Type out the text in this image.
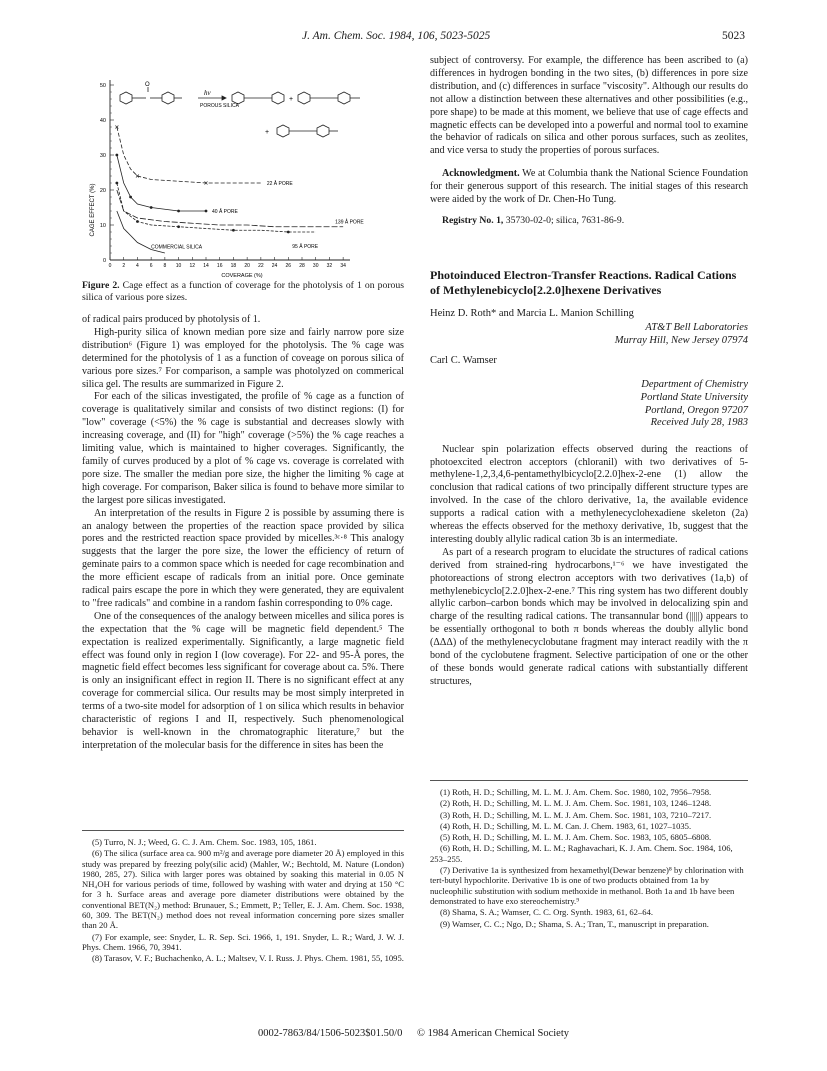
J. Am. Chem. Soc. 1984, 106, 5023-5025	5023
O
hν
POROUS SILICA
+
+
0 2 4 6 8 10 12 14 16 18 20 22 24 26 28 30 32 34
0
10
20
30
40
50
22 Å PORE
40 Å PORE
139 Å PORE
COMMERCIAL SILICA	95 Å PORE
CAGE EFFECT (%)
COVERAGE (%)

Figure 2. Cage effect as a function of coverage for the photolysis of 1 on porous silica of various pore sizes.

of radical pairs produced by photolysis of 1.

High-purity silica of known median pore size and fairly narrow pore size distribution⁶ (Figure 1) was employed for the photolysis. The % cage was determined for the photolysis of 1 as a function of coveage on porous silica of various pore sizes.⁷ For comparison, a sample was photolyzed on commerical silica gel. The results are summarized in Figure 2.

For each of the silicas investigated, the profile of % cage as a function of coverage is qualitatively similar and consists of two distinct regions: (I) for "low" coverage (<5%) the % cage is substantial and decreases slowly with increasing coverage, and (II) for "high" coverage (>5%) the % cage reaches a limiting value, which is maintained to higher coverages. Significantly, the family of curves produced by a plot of % cage vs. coverage is correlated with pore size. The smaller the median pore size, the higher the limiting % cage at high coverage. For comparison, Baker silica is found to behave more similar to the largest pore silicas investigated.

An interpretation of the results in Figure 2 is possible by assuming there is an analogy between the properties of the reaction space provided by silica pores and the restricted reaction space provided by micelles.³ᶜ·⁸ This analogy suggests that the larger the pore size, the lower the efficiency of return of geminate pairs to a common space which is needed for cage recombination and the more efficient escape of radicals from an initial pore. Once geminate radical pairs escape the pore in which they were generated, they are equivalent to "free radicals" and combine in a random fashin corresponding to 0% cage.

One of the consequences of the analogy between micelles and silica pores is the expectation that the % cage will be magnetic field dependent.⁵ The expectation is realized experimentally. Significantly, a large magnetic field effect was found only in region I (low coverage). For 22- and 95-Å pores, the magnetic field effect becomes less significant for coverage about ca. 5%. There is only an insignificant effect in region II. There is no significant effect at any coverage for commercial silica. Our results may be most simply interpreted in terms of a two-site model for adsorption of 1 on silica which results in behavior characteristic of regions I and II, respectively. Such phenomenological behavior is well-known in the chromatographic literature,⁷ but the interpretation of the molecular basis for the difference in sites has been the

(5) Turro, N. J.; Weed, G. C. J. Am. Chem. Soc. 1983, 105, 1861.

(6) The silica (surface area ca. 900 m²/g and average pore diameter 20 Å) employed in this study was prepared by freezing poly(silic acid) (Mahler, W.; Bechtold, M. Nature (London) 1980, 285, 27). Silica with larger pores was obtained by soaking this material in 0.05 N NH₄OH for various periods of time, followed by washing with water and drying at 150 °C for 3 h. Surface areas and average pore diameter distributions were obtained by the conventional BET(N₂) method: Brunauer, S.; Emmett, P.; Teller, E. J. Am. Chem. Soc. 1938, 60, 309. The BET(N₂) method does not reveal information concerning pore sizes smaller than 20 Å.

(7) For example, see: Snyder, L. R. Sep. Sci. 1966, 1, 191. Snyder, L. R.; Ward, J. W. J. Phys. Chem. 1966, 70, 3941.

(8) Tarasov, V. F.; Buchachenko, A. L.; Maltsev, V. I. Russ. J. Phys. Chem. 1981, 55, 1095.

subject of controversy. For example, the difference has been ascribed to (a) differences in hydrogen bonding in the two sites, (b) differences in pore size distribution, and (c) differences in surface "viscosity". Although our results do not allow a distinction between these alternatives and other possibilities (e.g., pore shape) to be made at this moment, we believe that use of cage effects and magnetic effects can be developed into a powerful and normal tool to examine the behavior of radicals on silica and other porous surfaces, such as zeolites, and vice versa to study the properties of porous surfaces.

Acknowledgment. We at Columbia thank the National Science Foundation for their generous support of this research. The initial stages of this research were aided by the work of Dr. Chen-Ho Tung.

Registry No. 1, 35730-02-0; silica, 7631-86-9.

Photoinduced Electron-Transfer Reactions. Radical Cations of Methylenebicyclo[2.2.0]hexene Derivatives

Heinz D. Roth* and Marcia L. Manion Schilling

AT&T Bell Laboratories

Murray Hill, New Jersey 07974

Carl C. Wamser

Department of Chemistry

Portland State University

Portland, Oregon 97207

Received July 28, 1983

Nuclear spin polarization effects observed during the reactions of photoexcited electron acceptors (chloranil) with two derivatives of 5-methylene-1,2,3,4,6-pentamethylbicyclo[2.2.0]hex-2-ene (1) allow the conclusion that radical cations of two principally different structure types are involved. In the case of the chloro derivative, 1a, the available evidence supports a radical cation with a methylenecyclohexadiene skeleton (2a) whereas the effects observed for the methoxy derivative, 1b, suggest that the interesting doubly allylic radical cation 3b is an intermediate.

As part of a research program to elucidate the structures of radical cations derived from strained-ring hydrocarbons,¹⁻⁶ we have investigated the photoreactions of strong electron acceptors with two derivatives (1a,b) of methylenebicyclo[2.2.0]hex-2-ene.⁷ This ring system has two different doubly allylic carbon–carbon bonds which may be involved in delocalizing spin and charge of the resulting radical cations. The transannular bond (|||||) appears to be essentially orthogonal to both π bonds whereas the doubly allylic bond (ΔΔΔ) of the methylenecyclobutane fragment may interact readily with the π bond of the cyclobutene fragment. Selective participation of one or the other of these bonds would generate radical cations with substantially different structures,

(1) Roth, H. D.; Schilling, M. L. M. J. Am. Chem. Soc. 1980, 102, 7956–7958.

(2) Roth, H. D.; Schilling, M. L. M. J. Am. Chem. Soc. 1981, 103, 1246–1248.

(3) Roth, H. D.; Schilling, M. L. M. J. Am. Chem. Soc. 1981, 103, 7210–7217.

(4) Roth, H. D.; Schilling, M. L. M. Can. J. Chem. 1983, 61, 1027–1035.

(5) Roth, H. D.; Schilling, M. L. M. J. Am. Chem. Soc. 1983, 105, 6805–6808.

(6) Roth, H. D.; Schilling, M. L. M.; Raghavachari, K. J. Am. Chem. Soc. 1984, 106, 253–255.

(7) Derivative 1a is synthesized from hexamethyl(Dewar benzene)⁸ by chlorination with tert-butyl hypochlorite. Derivative 1b is one of two products obtained from 1a by nucleophilic substitution with sodium methoxide in methanol. Both 1a and 1b have been demonstrated to have exo stereochemistry.⁹

(8) Shama, S. A.; Wamser, C. C. Org. Synth. 1983, 61, 62–64.

(9) Wamser, C. C.; Ngo, D.; Shama, S. A.; Tran, T., manuscript in preparation.

0002-7863/84/1506-5023$01.50/0 © 1984 American Chemical Society
